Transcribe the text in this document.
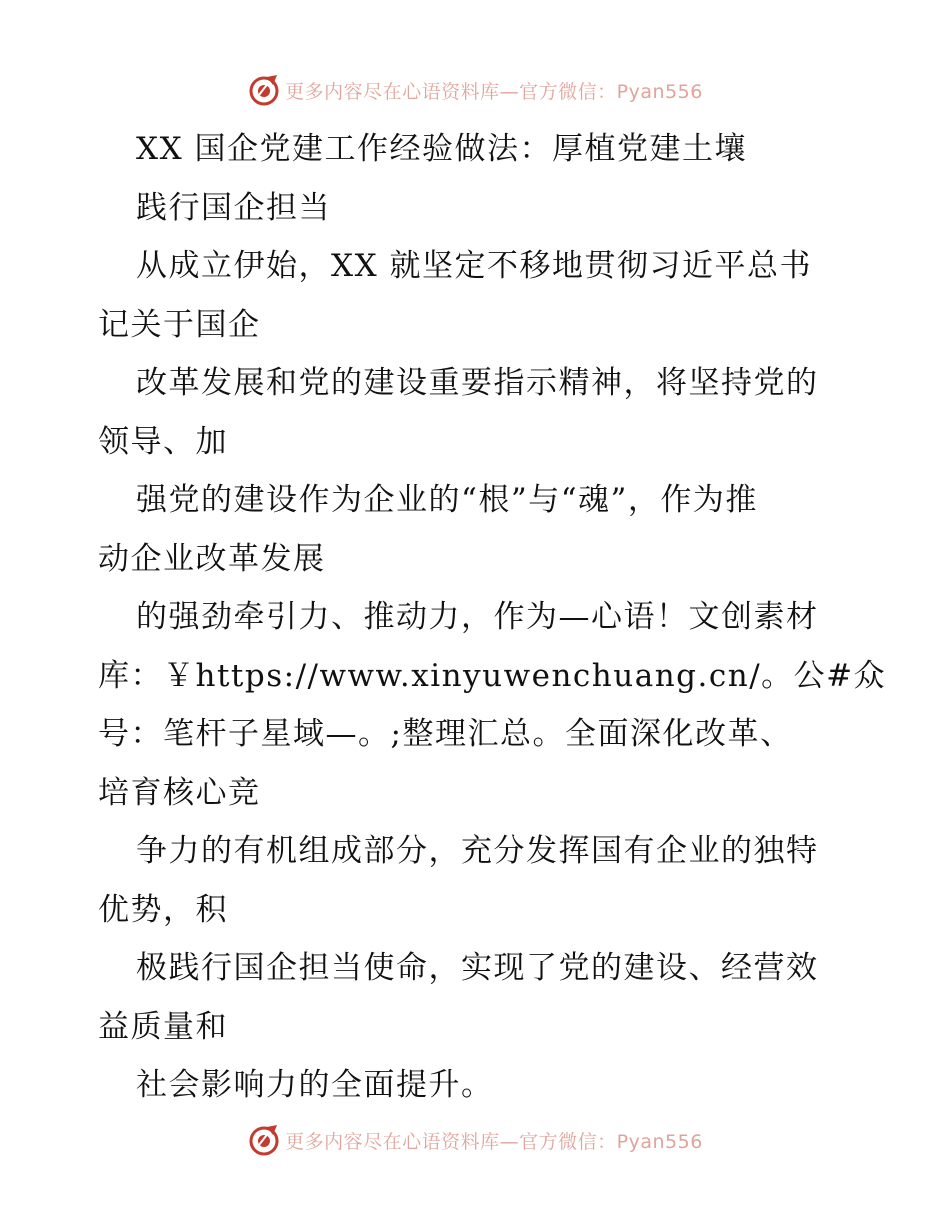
更多内容尽在心语资料库—官方微信：Pyan556
XX 国企党建工作经验做法：厚植党建土壤
践行国企担当
从成立伊始，XX 就坚定不移地贯彻习近平总书
记关于国企
改革发展和党的建设重要指示精神，将坚持党的
领导、加
强党的建设作为企业的“根”与“魂”，作为推
动企业改革发展
的强劲牵引力、推动力，作为—心语！文创素材
库：￥https://www.xinyuwenchuang.cn/。公#众
号：笔杆子星域—。;整理汇总。全面深化改革、
培育核心竞
争力的有机组成部分，充分发挥国有企业的独特
优势，积
极践行国企担当使命，实现了党的建设、经营效
益质量和
社会影响力的全面提升。
更多内容尽在心语资料库—官方微信：Pyan556
